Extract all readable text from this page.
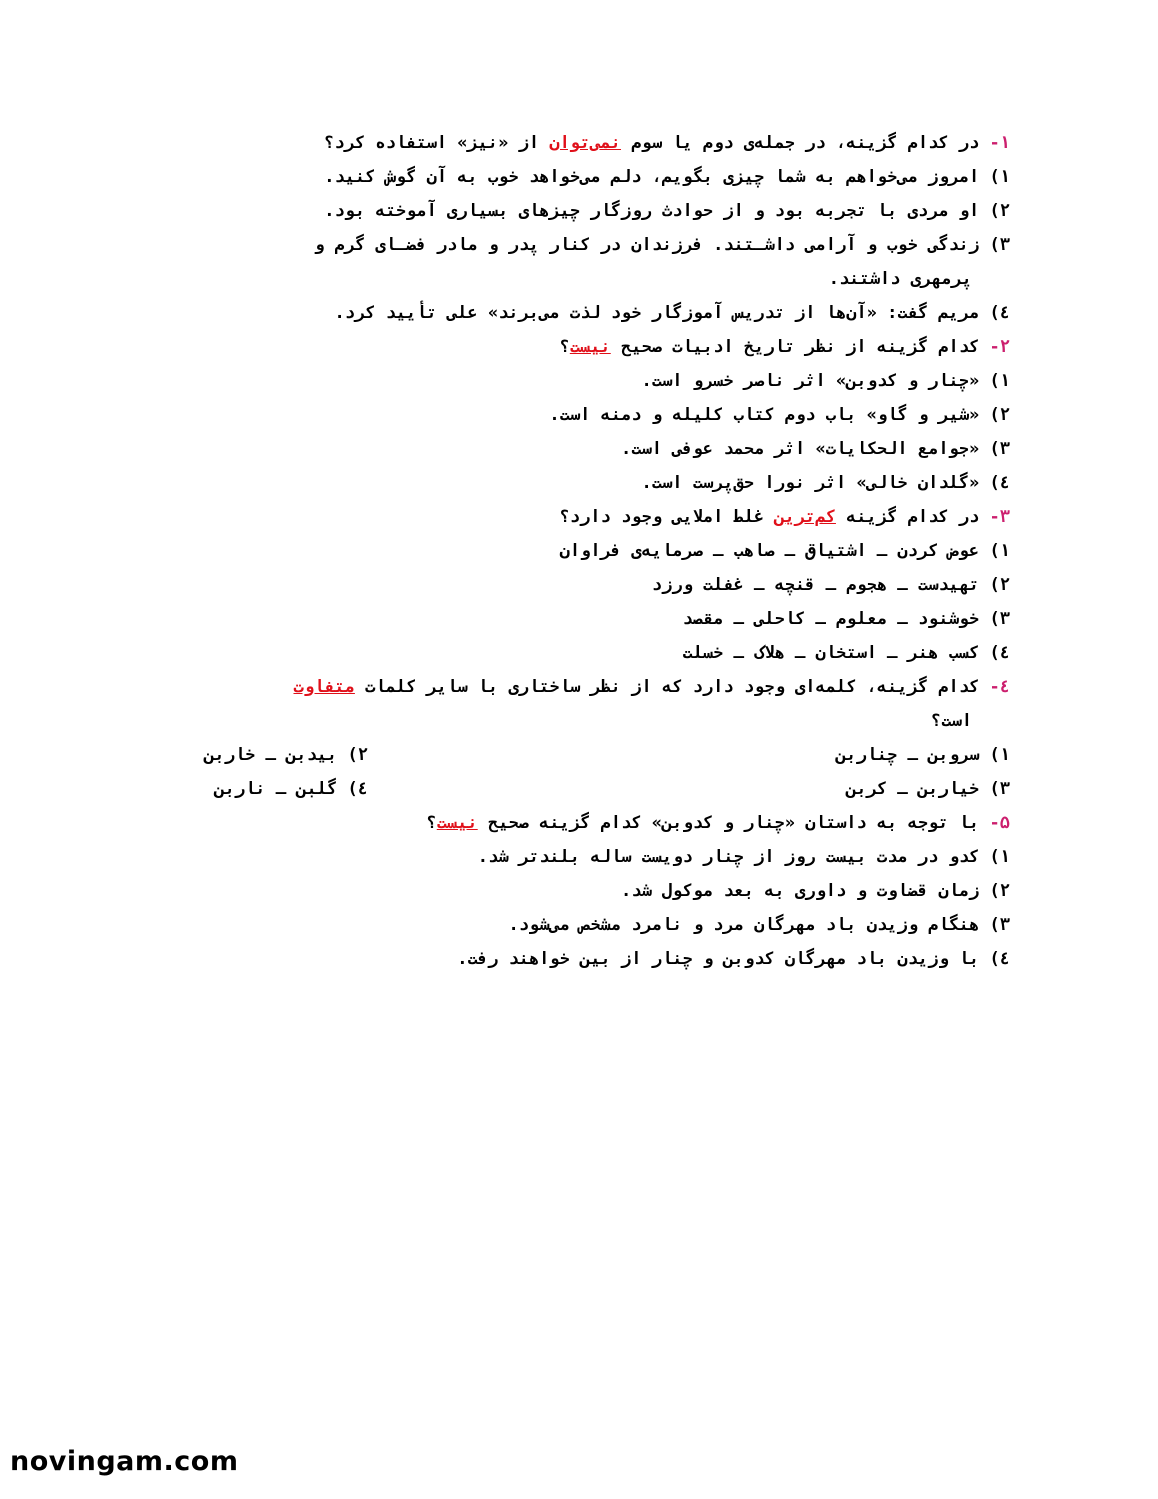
۱- در کدام گزینه، در جمله‌ی دوم یا سوم نمی‌توان از «نیز» استفاده کرد؟
۱) امروز می‌خواهم به شما چیزی بگویم، دلم می‌خواهد خوب به آن گوش کنید.
۲) او مردی با تجربه بود و از حوادث روزگار چیزهای بسیاری آموخته بود.
۳) زندگی خوب و آرامی داشـتند. فرزندان در کنار پدر و مادر فضـای گرم و
پرمهری داشتند.
٤) مریم گفت: «آن‌ها از تدریس آموزگار خود لذت می‌برند» علی تأیید کرد.
۲- کدام گزینه از نظر تاریخ ادبیات صحیح نیست؟
۱) «چنار و کدوبن» اثر ناصر خسرو است.
۲) «شیر و گاو» باب دوم کتاب کلیله و دمنه است.
۳) «جوامع الحکایات» اثر محمد عوفی است.
٤) «گلدان خالی» اثر نورا حق‌پرست است.
۳- در کدام گزینه کم‌ترین غلط املایی وجود دارد؟
۱) عوض کردن ـ اشتیاق ـ صاهب ـ صرمایه‌ی فراوان
۲) تهیدست ـ هجوم ـ قنچه ـ غفلت ورزد
۳) خوشنود ـ معلوم ـ کاحلی ـ مقصد
٤) کسب هنر ـ استخان ـ هلاک ـ خسلت
٤- کدام گزینه، کلمه‌ای وجود دارد که از نظر ساختاری با سایر کلمات متفاوت
است؟
۱) سروبن ـ چناربن
۲) بیدبن ـ خاربن
۳) خیاربن ـ کربن
٤) گلبن ـ ناربن
۵- با توجه به داستان «چنار و کدوبن» کدام گزینه صحیح نیست؟
۱) کدو در مدت بیست روز از چنار دویست ساله بلندتر شد.
۲) زمان قضاوت و داوری به بعد موکول شد.
۳) هنگام وزیدن باد مهرگان مرد و نامرد مشخص می‌شود.
٤) با وزیدن باد مهرگان کدوبن و چنار از بین خواهند رفت.
novingam.com
